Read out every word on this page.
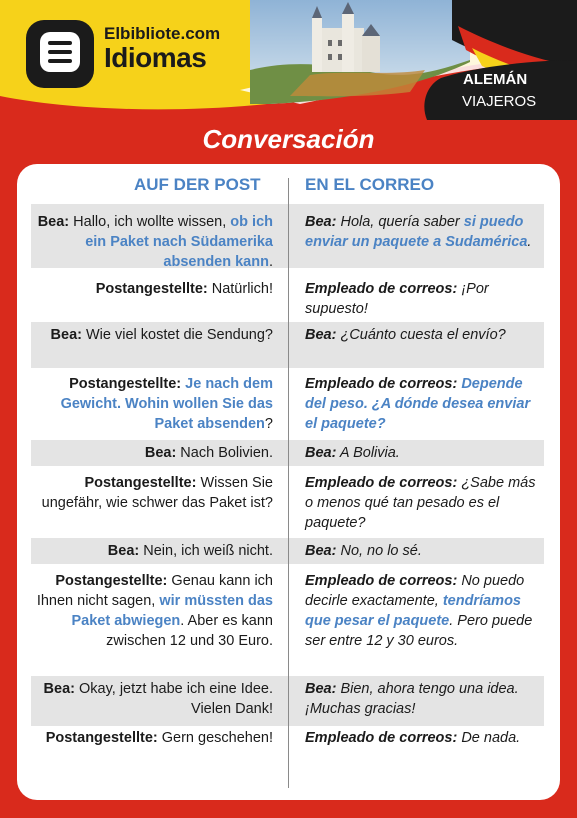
Elbibliote.com
Idiomas
ALEMÁN
VIAJEROS
Conversación
AUF DER POST	EN EL CORREO
Bea: Hallo, ich wollte wissen, ob ich ein Paket nach Südamerika absenden kann.
Bea: Hola, quería saber si puedo enviar un paquete a Sudamérica.
Postangestellte: Natürlich! Empleado de correos: ¡Por supuesto!
Bea: Wie viel kostet die Sendung? Bea: ¿Cuánto cuesta el envío?
Postangestellte: Je nach dem Gewicht. Wohin wollen Sie das Paket absenden?
Empleado de correos: Depende del peso. ¿A dónde desea enviar el paquete?
Bea: Nach Bolivien. Bea: A Bolivia.
Postangestellte: Wissen Sie ungefähr, wie schwer das Paket ist?
Empleado de correos: ¿Sabe más o menos qué tan pesado es el paquete?
Bea: Nein, ich weiß nicht. Bea: No, no lo sé.
Postangestellte: Genau kann ich Ihnen nicht sagen, wir müssten das Paket abwiegen. Aber es kann zwischen 12 und 30 Euro.
Empleado de correos: No puedo decirle exactamente, tendríamos que pesar el paquete. Pero puede ser entre 12 y 30 euros.
Bea: Okay, jetzt habe ich eine Idee. Vielen Dank!
Bea: Bien, ahora tengo una idea. ¡Muchas gracias!
Postangestellte: Gern geschehen! Empleado de correos: De nada.
